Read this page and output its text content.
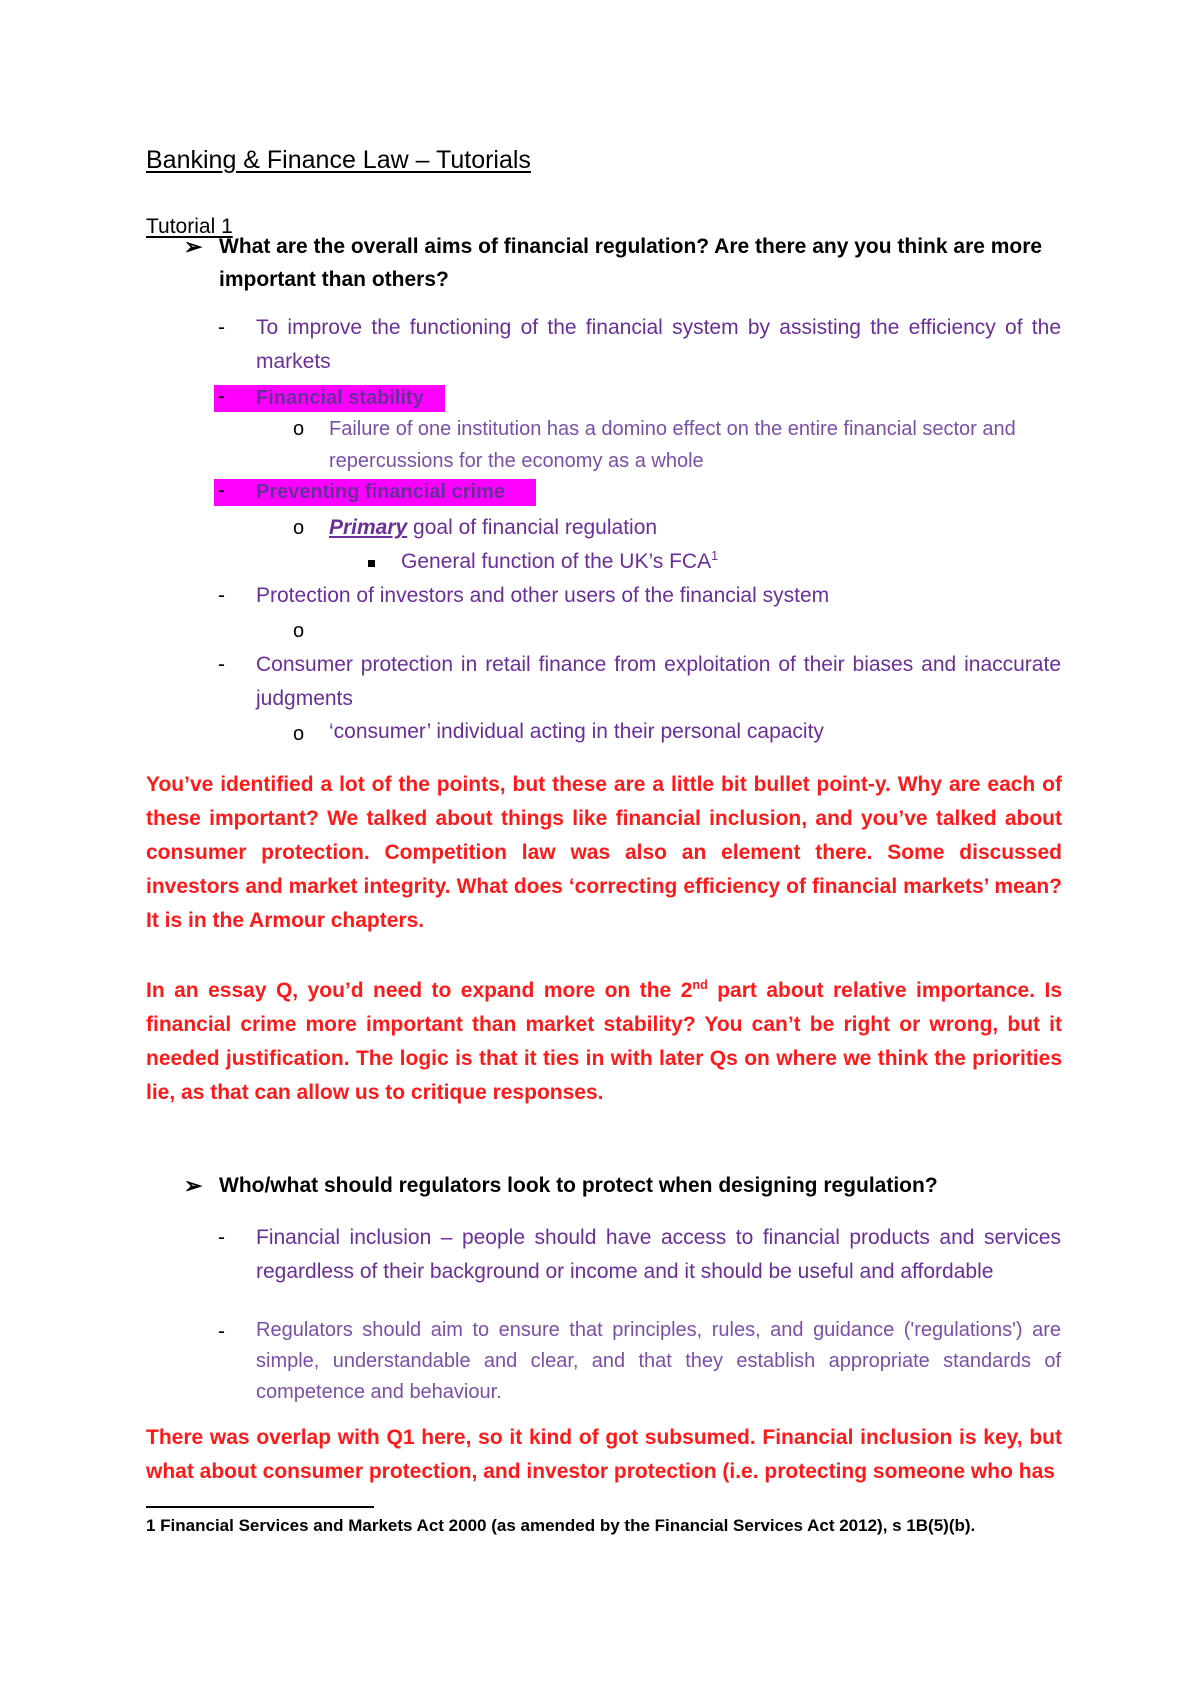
Banking & Finance Law – Tutorials
Tutorial 1
➢ What are the overall aims of financial regulation? Are there any you think are more important than others?
- To improve the functioning of the financial system by assisting the efficiency of the markets
- Financial stability
o Failure of one institution has a domino effect on the entire financial sector and repercussions for the economy as a whole
- Preventing financial crime
o Primary goal of financial regulation
General function of the UK’s FCA$^1$
- Protection of investors and other users of the financial system
o
- Consumer protection in retail finance from exploitation of their biases and inaccurate judgments
o ‘consumer’ individual acting in their personal capacity
You’ve identified a lot of the points, but these are a little bit bullet point-y. Why are each of these important? We talked about things like financial inclusion, and you’ve talked about consumer protection. Competition law was also an element there. Some discussed investors and market integrity. What does ‘correcting efficiency of financial markets’ mean? It is in the Armour chapters.
In an essay Q, you’d need to expand more on the 2nd part about relative importance. Is financial crime more important than market stability? You can’t be right or wrong, but it needed justification. The logic is that it ties in with later Qs on where we think the priorities lie, as that can allow us to critique responses.
➢ Who/what should regulators look to protect when designing regulation?
- Financial inclusion – people should have access to financial products and services regardless of their background or income and it should be useful and affordable
- Regulators should aim to ensure that principles, rules, and guidance ('regulations') are simple, understandable and clear, and that they establish appropriate standards of competence and behaviour.
There was overlap with Q1 here, so it kind of got subsumed. Financial inclusion is key, but what about consumer protection, and investor protection (i.e. protecting someone who has
1 Financial Services and Markets Act 2000 (as amended by the Financial Services Act 2012), s 1B(5)(b).
